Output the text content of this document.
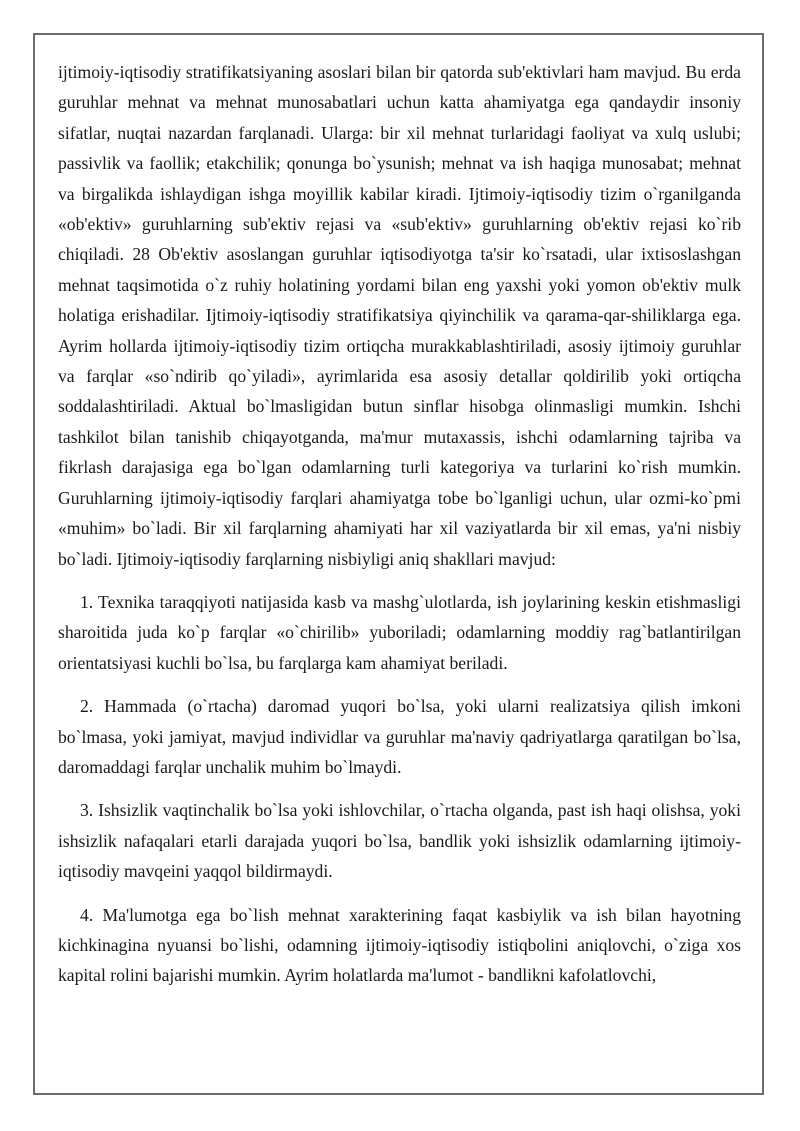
ijtimoiy-iqtisodiy stratifikatsiyaning asoslari bilan bir qatorda sub'ektivlari ham mavjud. Bu erda guruhlar mehnat va mehnat munosabatlari uchun katta ahamiyatga ega qandaydir insoniy sifatlar, nuqtai nazardan farqlanadi. Ularga: bir xil mehnat turlaridagi faoliyat va xulq uslubi; passivlik va faollik; etakchilik; qonunga bo`ysunish; mehnat va ish haqiga munosabat; mehnat va birgalikda ishlaydigan ishga moyillik kabilar kiradi. Ijtimoiy-iqtisodiy tizim o`rganilganda «ob'ektiv» guruhlarning sub'ektiv rejasi va «sub'ektiv» guruhlarning ob'ektiv rejasi ko`rib chiqiladi. 28 Ob'ektiv asoslangan guruhlar iqtisodiyotga ta'sir ko`rsatadi, ular ixtisoslashgan mehnat taqsimotida o`z ruhiy holatining yordami bilan eng yaxshi yoki yomon ob'ektiv mulk holatiga erishadilar. Ijtimoiy-iqtisodiy stratifikatsiya qiyinchilik va qarama-qar-shiliklarga ega. Ayrim hollarda ijtimoiy-iqtisodiy tizim ortiqcha murakkablashtiriladi, asosiy ijtimoiy guruhlar va farqlar «so`ndirib qo`yiladi», ayrimlarida esa asosiy detallar qoldirilib yoki ortiqcha soddalashtiriladi. Aktual bo`lmasligidan butun sinflar hisobga olinmasligi mumkin. Ishchi tashkilot bilan tanishib chiqayotganda, ma'mur mutaxassis, ishchi odamlarning tajriba va fikrlash darajasiga ega bo`lgan odamlarning turli kategoriya va turlarini ko`rish mumkin. Guruhlarning ijtimoiy-iqtisodiy farqlari ahamiyatga tobe bo`lganligi uchun, ular ozmi-ko`pmi «muhim» bo`ladi. Bir xil farqlarning ahamiyati har xil vaziyatlarda bir xil emas, ya'ni nisbiy bo`ladi. Ijtimoiy-iqtisodiy farqlarning nisbiyligi aniq shakllari mavjud:

1. Texnika taraqqiyoti natijasida kasb va mashg`ulotlarda, ish joylarining keskin etishmasligi sharoitida juda ko`p farqlar «o`chirilib» yuboriladi; odamlarning moddiy rag`batlantirilgan orientatsiyasi kuchli bo`lsa, bu farqlarga kam ahamiyat beriladi.

2. Hammada (o`rtacha) daromad yuqori bo`lsa, yoki ularni realizatsiya qilish imkoni bo`lmasa, yoki jamiyat, mavjud individlar va guruhlar ma'naviy qadriyatlarga qaratilgan bo`lsa, daromaddagi farqlar unchalik muhim bo`lmaydi.

3. Ishsizlik vaqtinchalik bo`lsa yoki ishlovchilar, o`rtacha olganda, past ish haqi olishsa, yoki ishsizlik nafaqalari etarli darajada yuqori bo`lsa, bandlik yoki ishsizlik odamlarning ijtimoiy-iqtisodiy mavqeini yaqqol bildirmaydi.

4. Ma'lumotga ega bo`lish mehnat xarakterining faqat kasbiylik va ish bilan hayotning kichkinagina nyuansi bo`lishi, odamning ijtimoiy-iqtisodiy istiqbolini aniqlovchi, o`ziga xos kapital rolini bajarishi mumkin. Ayrim holatlarda ma'lumot - bandlikni kafolatlovchi,
